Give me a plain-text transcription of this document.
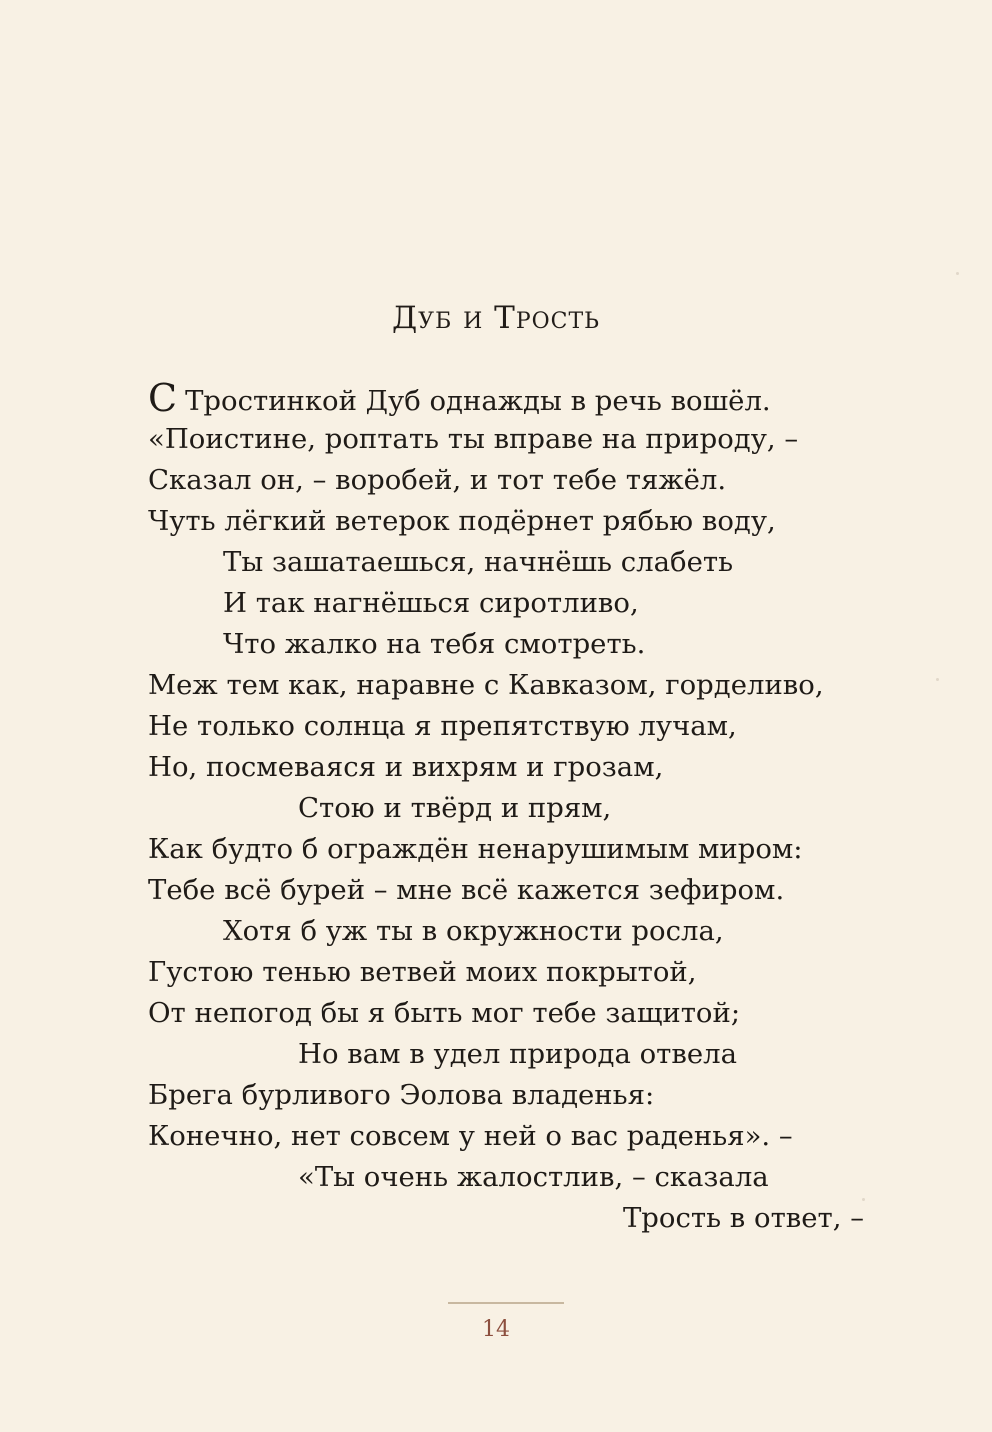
Дуб и Трость
С Тростинкой Дуб однажды в речь вошёл.
«Поистине, роптать ты вправе на природу, –
Сказал он, – воробей, и тот тебе тяжёл.
Чуть лёгкий ветерок подёрнет рябью воду,
Ты зашатаешься, начнёшь слабеть
И так нагнёшься сиротливо,
Что жалко на тебя смотреть.
Меж тем как, наравне с Кавказом, горделиво,
Не только солнца я препятствую лучам,
Но, посмеваяся и вихрям и грозам,
Стою и твёрд и прям,
Как будто б ограждён ненарушимым миром:
Тебе всё бурей – мне всё кажется зефиром.
Хотя б уж ты в окружности росла,
Густою тенью ветвей моих покрытой,
От непогод бы я быть мог тебе защитой;
Но вам в удел природа отвела
Брега бурливого Эолова владенья:
Конечно, нет совсем у ней о вас раденья». –
«Ты очень жалостлив, – сказала
Трость в ответ, –
14
